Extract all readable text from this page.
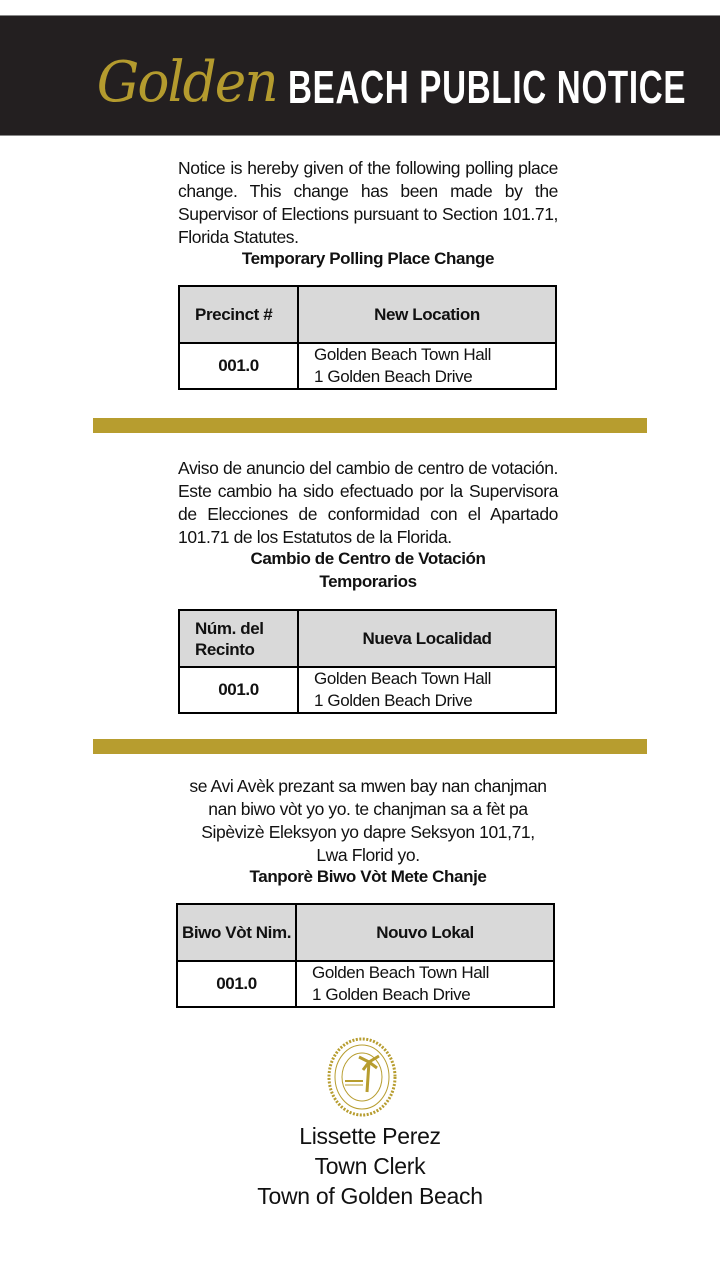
Golden BEACH PUBLIC NOTICE
Notice is hereby given of the following polling place change. This change has been made by the Supervisor of Elections pursuant to Section 101.71, Florida Statutes.
Temporary Polling Place Change
Precinct #	New Location
001.0	Golden Beach Town Hall
1 Golden Beach Drive
Aviso de anuncio del cambio de centro de votación. Este cambio ha sido efectuado por la Supervisora de Elecciones de conformidad con el Apartado 101.71 de los Estatutos de la Florida.
Cambio de Centro de Votación
Temporarios
Núm. del Recinto	Nueva Localidad
001.0	Golden Beach Town Hall
1 Golden Beach Drive
se Avi Avèk prezant sa mwen bay nan chanjman
nan biwo vòt yo yo. te chanjman sa a fèt pa
Sipèvizè Eleksyon yo dapre Seksyon 101,71,
Lwa Florid yo.
Tanporè Biwo Vòt Mete Chanje
Biwo Vòt Nim.	Nouvo Lokal
001.0	Golden Beach Town Hall
1 Golden Beach Drive
Lissette Perez
Town Clerk
Town of Golden Beach
